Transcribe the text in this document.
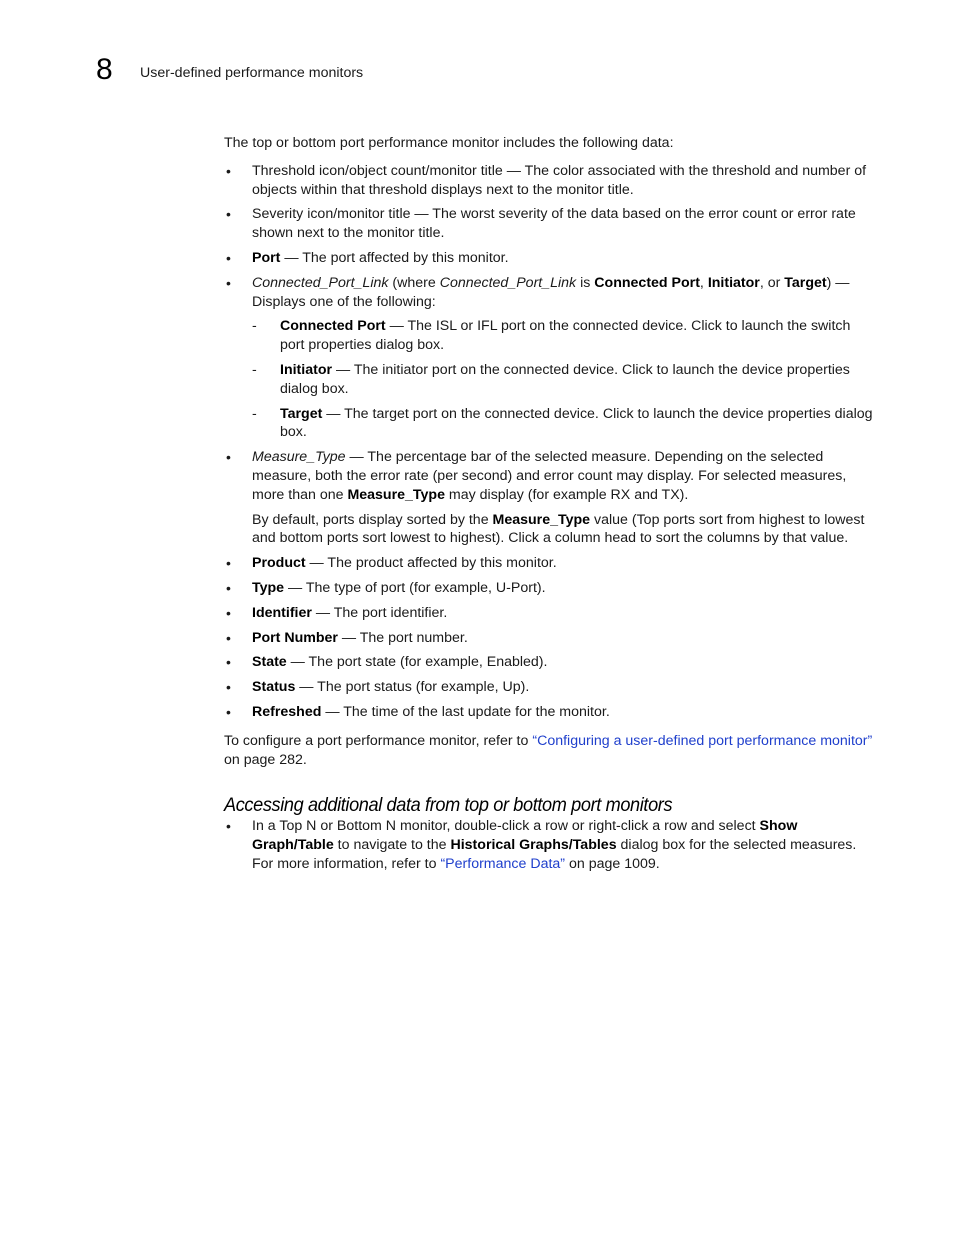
8 User-defined performance monitors

The top or bottom port performance monitor includes the following data:

• Threshold icon/object count/monitor title — The color associated with the threshold and number of objects within that threshold displays next to the monitor title.
• Severity icon/monitor title — The worst severity of the data based on the error count or error rate shown next to the monitor title.
• Port — The port affected by this monitor.
• Connected_Port_Link (where Connected_Port_Link is Connected Port, Initiator, or Target) — Displays one of the following:
- Connected Port — The ISL or IFL port on the connected device. Click to launch the switch port properties dialog box.
- Initiator — The initiator port on the connected device. Click to launch the device properties dialog box.
- Target — The target port on the connected device. Click to launch the device properties dialog box.
• Measure_Type — The percentage bar of the selected measure. Depending on the selected measure, both the error rate (per second) and error count may display. For selected measures, more than one Measure_Type may display (for example RX and TX).

By default, ports display sorted by the Measure_Type value (Top ports sort from highest to lowest and bottom ports sort lowest to highest). Click a column head to sort the columns by that value.

• Product — The product affected by this monitor.
• Type — The type of port (for example, U-Port).
• Identifier — The port identifier.
• Port Number — The port number.
• State — The port state (for example, Enabled).
• Status — The port status (for example, Up).
• Refreshed — The time of the last update for the monitor.

To configure a port performance monitor, refer to “Configuring a user-defined port performance monitor” on page 282.

Accessing additional data from top or bottom port monitors
• In a Top N or Bottom N monitor, double-click a row or right-click a row and select Show Graph/Table to navigate to the Historical Graphs/Tables dialog box for the selected measures. For more information, refer to “Performance Data” on page 1009.
